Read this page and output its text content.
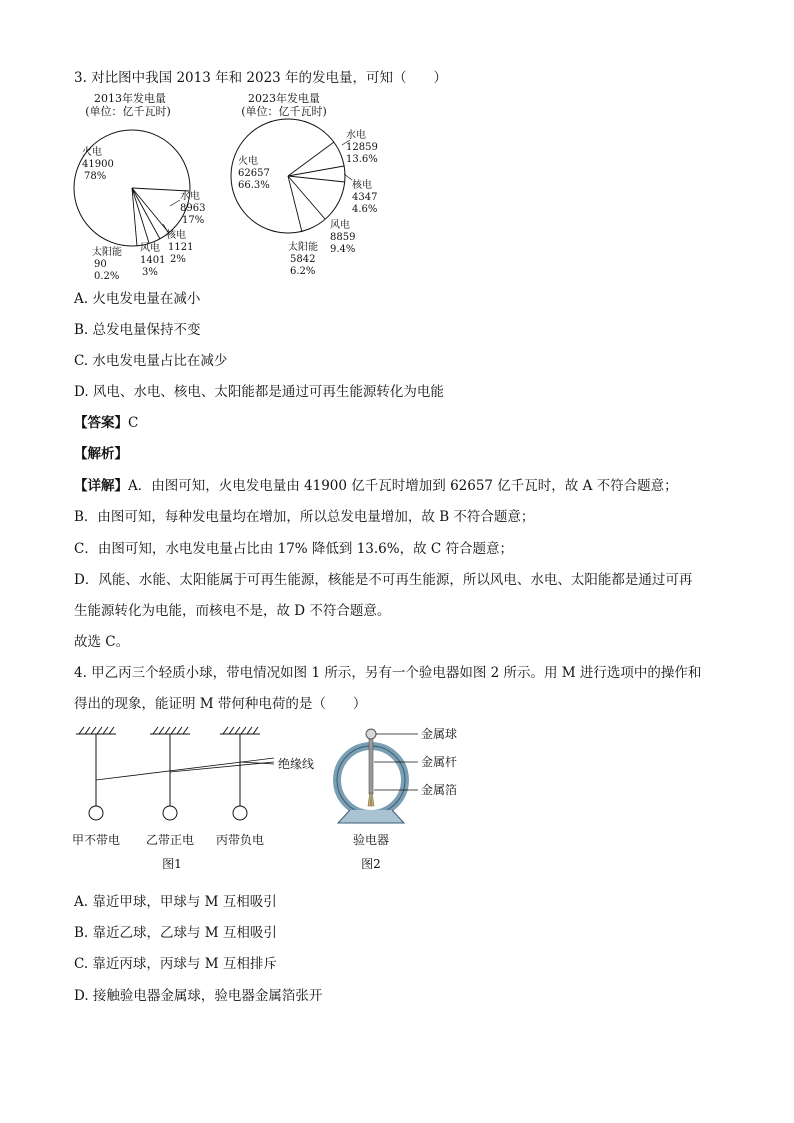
3. 对比图中我国 2013 年和 2023 年的发电量，可知（　　）
2013年发电量
(单位：亿千瓦时)
火电
41900
78%
水电
8963
17%
核电
1121
2%
风电
1401
3%
太阳能
90
0.2%
2023年发电量
(单位：亿千瓦时)
火电
62657
66.3%
水电
12859
13.6%
核电
4347
4.6%
风电
8859
9.4%
太阳能
5842
6.2%
A. 火电发电量在减小
B. 总发电量保持不变
C. 水电发电量占比在减少
D. 风电、水电、核电、太阳能都是通过可再生能源转化为电能
【答案】C
【解析】
【详解】A．由图可知，火电发电量由 41900 亿千瓦时增加到 62657 亿千瓦时，故 A 不符合题意；
B．由图可知，每种发电量均在增加，所以总发电量增加，故 B 不符合题意；
C．由图可知，水电发电量占比由 17% 降低到 13.6%，故 C 符合题意；
D．风能、水能、太阳能属于可再生能源，核能是不可再生能源，所以风电、水电、太阳能都是通过可再
生能源转化为电能，而核电不是，故 D 不符合题意。
故选 C。
4. 甲乙丙三个轻质小球，带电情况如图 1 所示，另有一个验电器如图 2 所示。用 M 进行选项中的操作和
得出的现象，能证明 M 带何种电荷的是（　　）
绝缘线
甲不带电 乙带正电 丙带负电
图1
金属球
金属杆
金属箔
验电器
图2
A. 靠近甲球，甲球与 M 互相吸引
B. 靠近乙球，乙球与 M 互相吸引
C. 靠近丙球，丙球与 M 互相排斥
D. 接触验电器金属球，验电器金属箔张开
